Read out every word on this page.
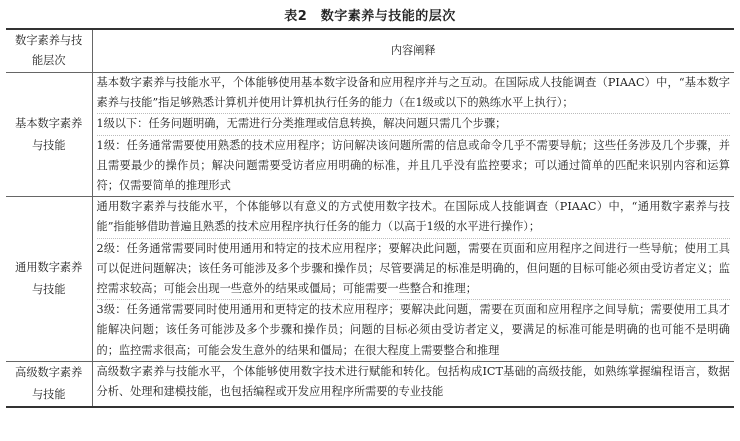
表2　数字素养与技能的层次
数字素养与技能层次	内容阐释
基本数字素养与技能	基本数字素养与技能水平，个体能够使用基本数字设备和应用程序并与之互动。在国际成人技能调查（PIAAC）中，“基本数字素养与技能”指足够熟悉计算机并使用计算机执行任务的能力（在1级或以下的熟练水平上执行）；

1级以下：任务问题明确，无需进行分类推理或信息转换，解决问题只需几个步骤；

1级：任务通常需要使用熟悉的技术应用程序；访问解决该问题所需的信息或命令几乎不需要导航；这些任务涉及几个步骤，并且需要最少的操作员；解决问题需要受访者应用明确的标准，并且几乎没有监控要求；可以通过简单的匹配来识别内容和运算符；仅需要简单的推理形式

通用数字素养与技能	通用数字素养与技能水平，个体能够以有意义的方式使用数字技术。在国际成人技能调查（PIAAC）中，“通用数字素养与技能”指能够借助普遍且熟悉的技术应用程序执行任务的能力（以高于1级的水平进行操作）；

2级：任务通常需要同时使用通用和特定的技术应用程序；要解决此问题，需要在页面和应用程序之间进行一些导航；使用工具可以促进问题解决；该任务可能涉及多个步骤和操作员；尽管要满足的标准是明确的，但问题的目标可能必须由受访者定义；监控需求较高；可能会出现一些意外的结果或僵局；可能需要一些整合和推理；

3级：任务通常需要同时使用通用和更特定的技术应用程序；要解决此问题，需要在页面和应用程序之间导航；需要使用工具才能解决问题；该任务可能涉及多个步骤和操作员；问题的目标必须由受访者定义，要满足的标准可能是明确的也可能不是明确的；监控需求很高；可能会发生意外的结果和僵局；在很大程度上需要整合和推理

高级数字素养与技能	高级数字素养与技能水平，个体能够使用数字技术进行赋能和转化。包括构成ICT基础的高级技能，如熟练掌握编程语言，数据分析、处理和建模技能，也包括编程或开发应用程序所需要的专业技能
